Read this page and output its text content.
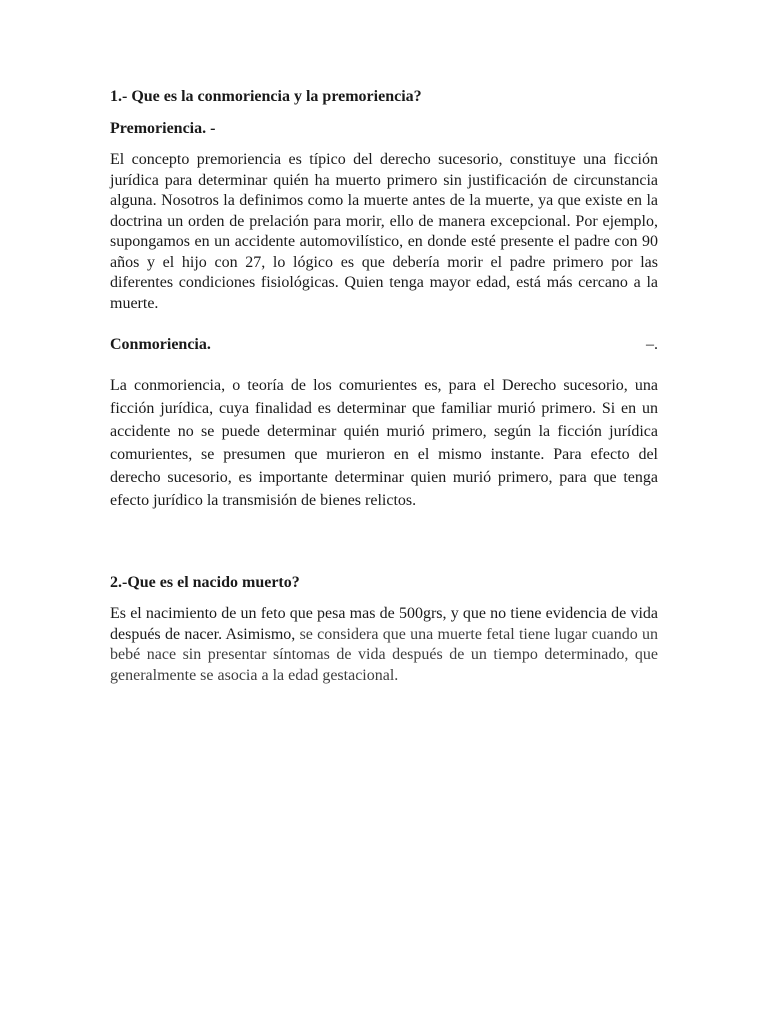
1.- Que es la conmoriencia y la premoriencia?

Premoriencia. -

El concepto premoriencia es típico del derecho sucesorio, constituye una ficción jurídica para determinar quién ha muerto primero sin justificación de circunstancia alguna. Nosotros la definimos como la muerte antes de la muerte, ya que existe en la doctrina un orden de prelación para morir, ello de manera excepcional. Por ejemplo, supongamos en un accidente automovilístico, en donde esté presente el padre con 90 años y el hijo con 27, lo lógico es que debería morir el padre primero por las diferentes condiciones fisiológicas. Quien tenga mayor edad, está más cercano a la muerte.

Conmoriencia.	–.

La conmoriencia, o teoría de los comurientes es, para el Derecho sucesorio, una ficción jurídica, cuya finalidad es determinar que familiar murió primero. Si en un accidente no se puede determinar quién murió primero, según la ficción jurídica comurientes, se presumen que murieron en el mismo instante. Para efecto del derecho sucesorio, es importante determinar quien murió primero, para que tenga efecto jurídico la transmisión de bienes relictos.

2.-Que es el nacido muerto?

Es el nacimiento de un feto que pesa mas de 500grs, y que no tiene evidencia de vida después de nacer. Asimismo, se considera que una muerte fetal tiene lugar cuando un bebé nace sin presentar síntomas de vida después de un tiempo determinado, que generalmente se asocia a la edad gestacional.
